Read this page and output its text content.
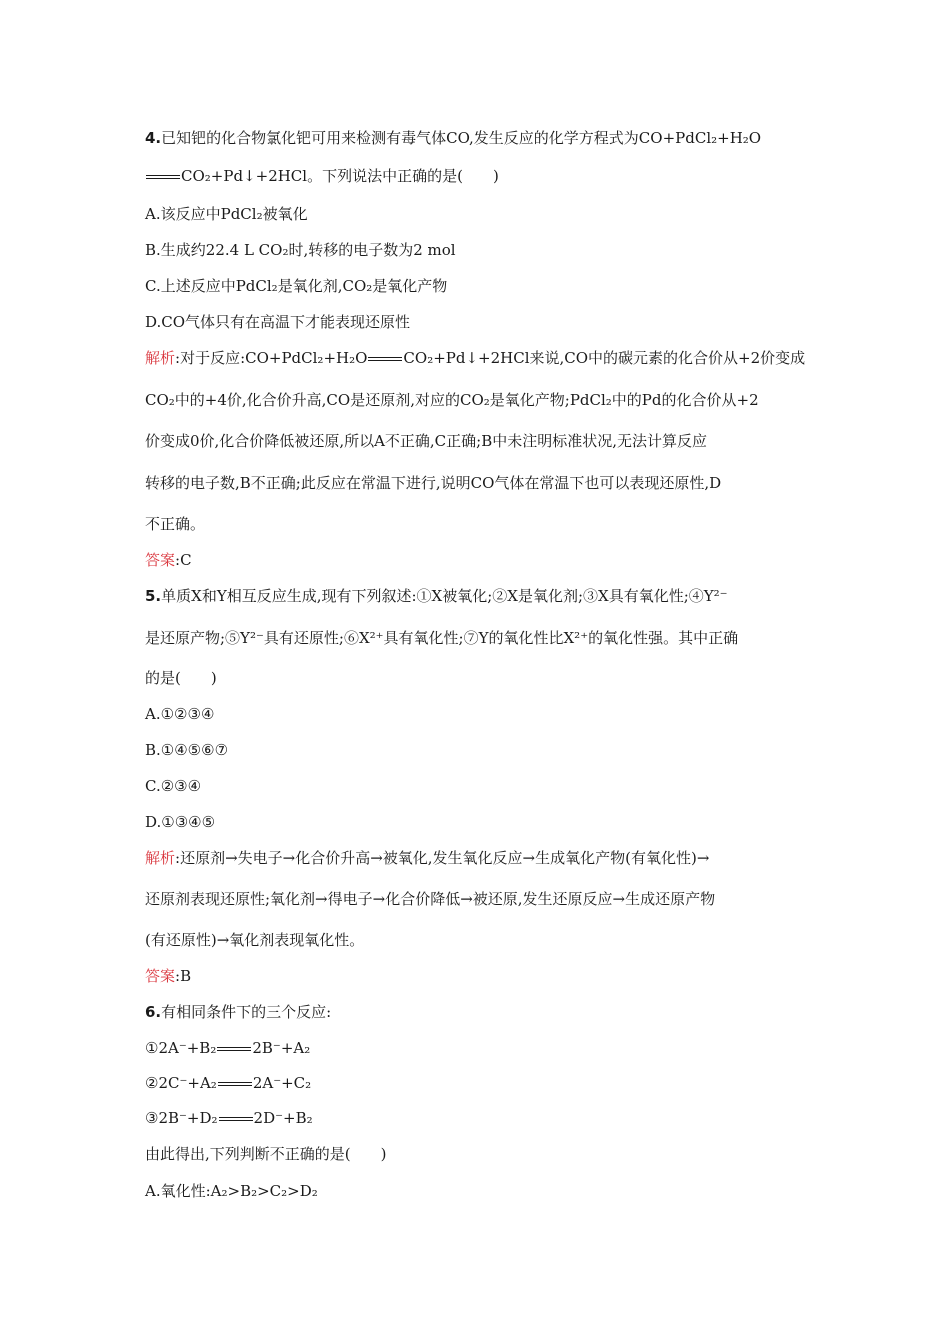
4.已知钯的化合物氯化钯可用来检测有毒气体CO,发生反应的化学方程式为CO+PdCl₂+H₂O
CO₂+Pd↓+2HCl。下列说法中正确的是(　　)
A.该反应中PdCl₂被氧化
B.生成约22.4 L CO₂时,转移的电子数为2 mol
C.上述反应中PdCl₂是氧化剂,CO₂是氧化产物
D.CO气体只有在高温下才能表现还原性
解析:对于反应:CO+PdCl₂+H₂O CO₂+Pd↓+2HCl来说,CO中的碳元素的化合价从+2价变成
CO₂中的+4价,化合价升高,CO是还原剂,对应的CO₂是氧化产物;PdCl₂中的Pd的化合价从+2
价变成0价,化合价降低被还原,所以A不正确,C正确;B中未注明标准状况,无法计算反应
转移的电子数,B不正确;此反应在常温下进行,说明CO气体在常温下也可以表现还原性,D
不正确。
答案:C
5.单质X和Y相互反应生成,现有下列叙述:①X被氧化;②X是氧化剂;③X具有氧化性;④Y²⁻
是还原产物;⑤Y²⁻具有还原性;⑥X²⁺具有氧化性;⑦Y的氧化性比X²⁺的氧化性强。其中正确
的是(　　)
A.①②③④
B.①④⑤⑥⑦
C.②③④
D.①③④⑤
解析:还原剂→失电子→化合价升高→被氧化,发生氧化反应→生成氧化产物(有氧化性)→
还原剂表现还原性;氧化剂→得电子→化合价降低→被还原,发生还原反应→生成还原产物
(有还原性)→氧化剂表现氧化性。
答案:B
6.有相同条件下的三个反应:
①2A⁻+B₂ 2B⁻+A₂
②2C⁻+A₂ 2A⁻+C₂
③2B⁻+D₂ 2D⁻+B₂
由此得出,下列判断不正确的是(　　)
A.氧化性:A₂>B₂>C₂>D₂
